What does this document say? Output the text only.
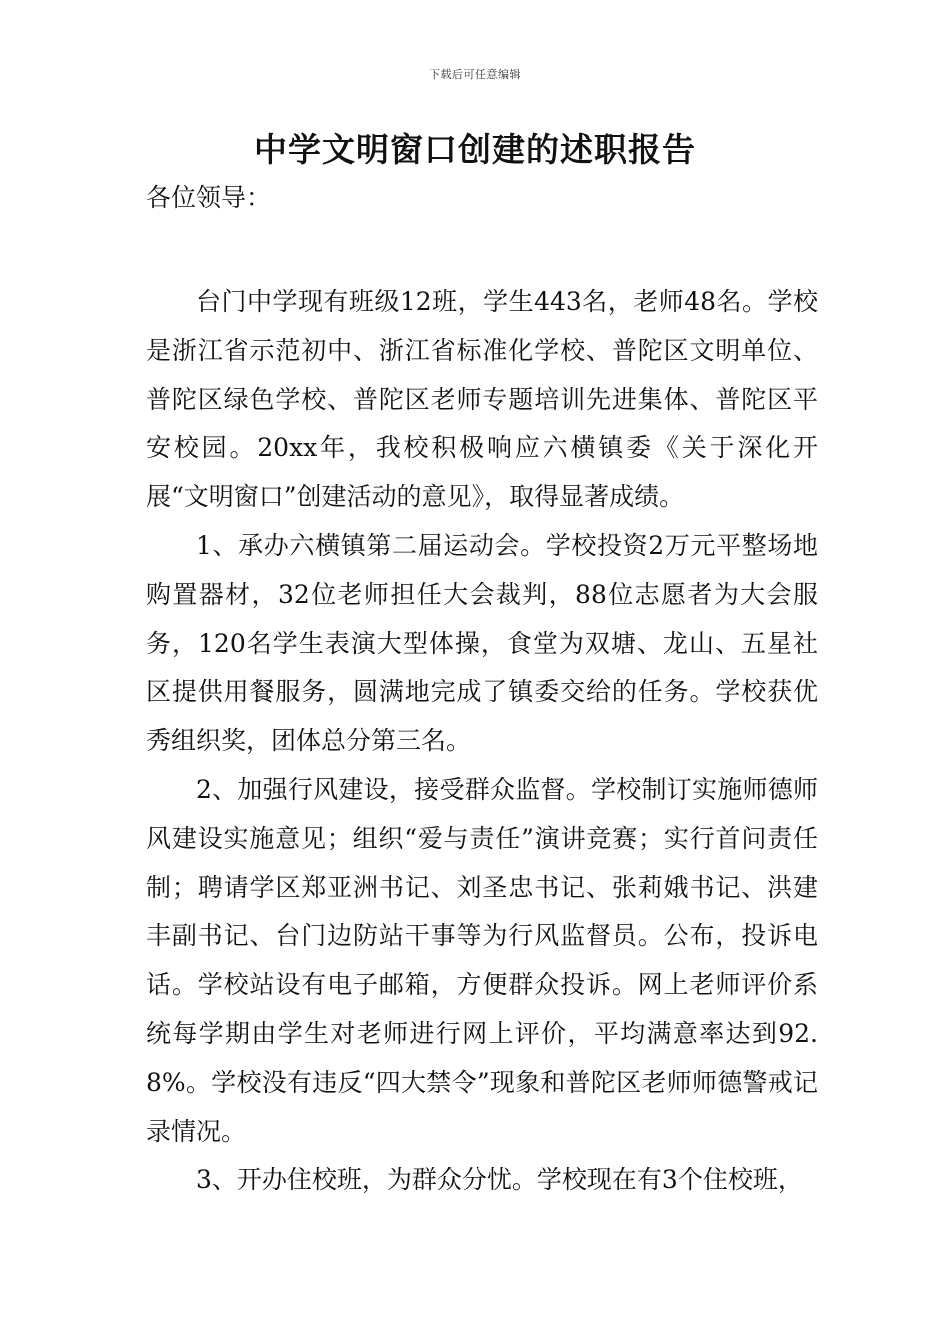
下载后可任意编辑
中学文明窗口创建的述职报告

各位领导：

台门中学现有班级12班，学生443名，老师48名。学校是浙江省示范初中、浙江省标准化学校、普陀区文明单位、普陀区绿色学校、普陀区老师专题培训先进集体、普陀区平安校园。20xx年，我校积极响应六横镇委《关于深化开展“文明窗口”创建活动的意见》，取得显著成绩。

1、承办六横镇第二届运动会。学校投资2万元平整场地购置器材，32位老师担任大会裁判，88位志愿者为大会服务，120名学生表演大型体操，食堂为双塘、龙山、五星社区提供用餐服务，圆满地完成了镇委交给的任务。学校获优秀组织奖，团体总分第三名。

2、加强行风建设，接受群众监督。学校制订实施师德师风建设实施意见；组织“爱与责任”演讲竞赛；实行首问责任制；聘请学区郑亚洲书记、刘圣忠书记、张莉娥书记、洪建丰副书记、台门边防站干事等为行风监督员。公布，投诉电话。学校站设有电子邮箱，方便群众投诉。网上老师评价系统每学期由学生对老师进行网上评价，平均满意率达到92.8%。学校没有违反“四大禁令”现象和普陀区老师师德警戒记录情况。

3、开办住校班，为群众分忧。学校现在有3个住校班，
